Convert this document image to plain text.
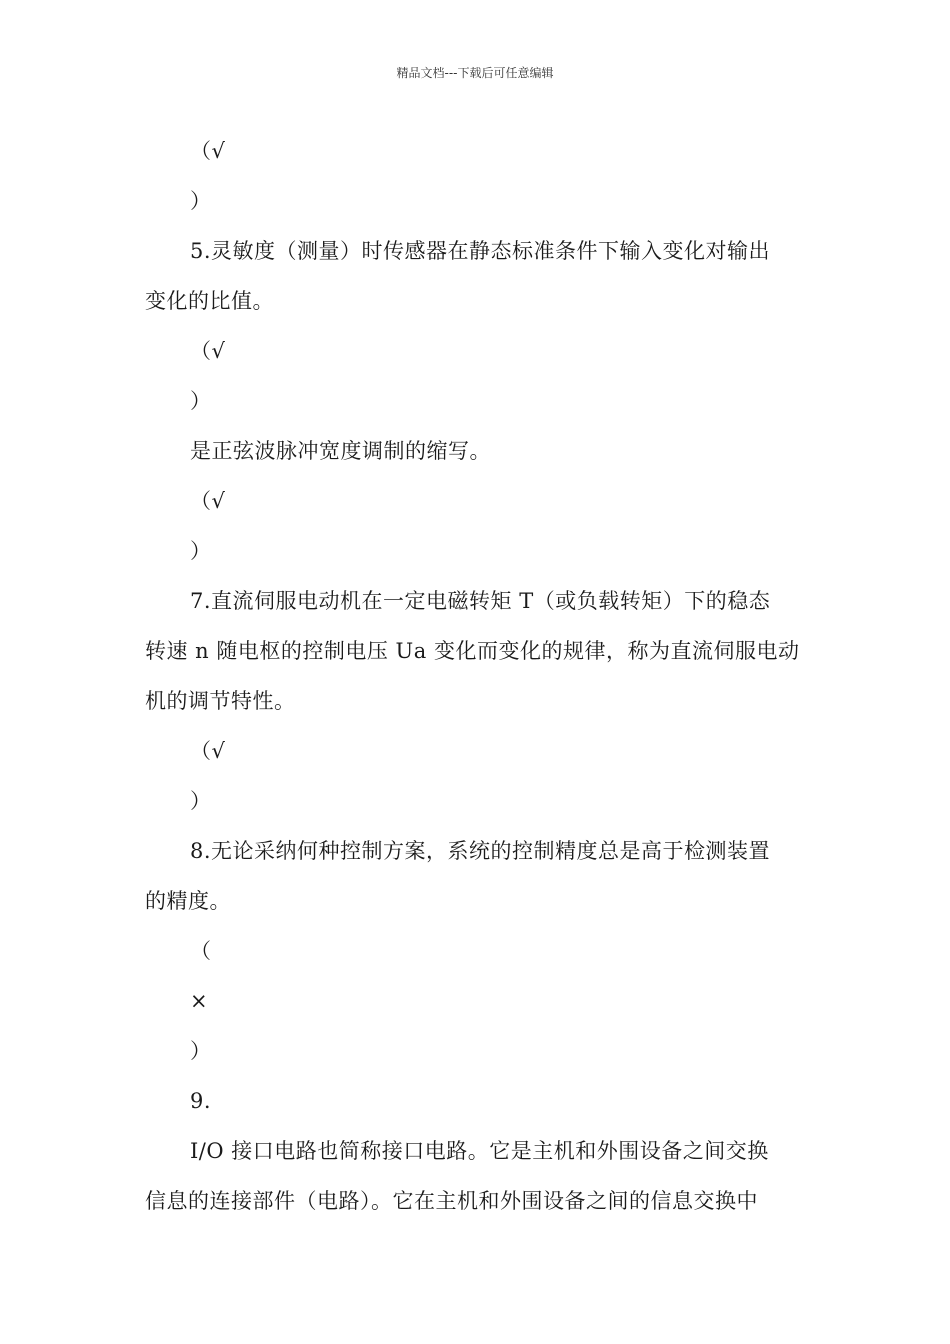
精品文档---下载后可任意编辑
（√
）
5.灵敏度（测量）时传感器在静态标准条件下输入变化对输出
变化的比值。
（√
）
是正弦波脉冲宽度调制的缩写。
（√
）
7.直流伺服电动机在一定电磁转矩 T（或负载转矩）下的稳态
转速 n 随电枢的控制电压 Ua 变化而变化的规律，称为直流伺服电动
机的调节特性。
（√
）
8.无论采纳何种控制方案，系统的控制精度总是高于检测装置
的精度。
（
×
）
9.
I/O 接口电路也简称接口电路。它是主机和外围设备之间交换
信息的连接部件（电路）。它在主机和外围设备之间的信息交换中
